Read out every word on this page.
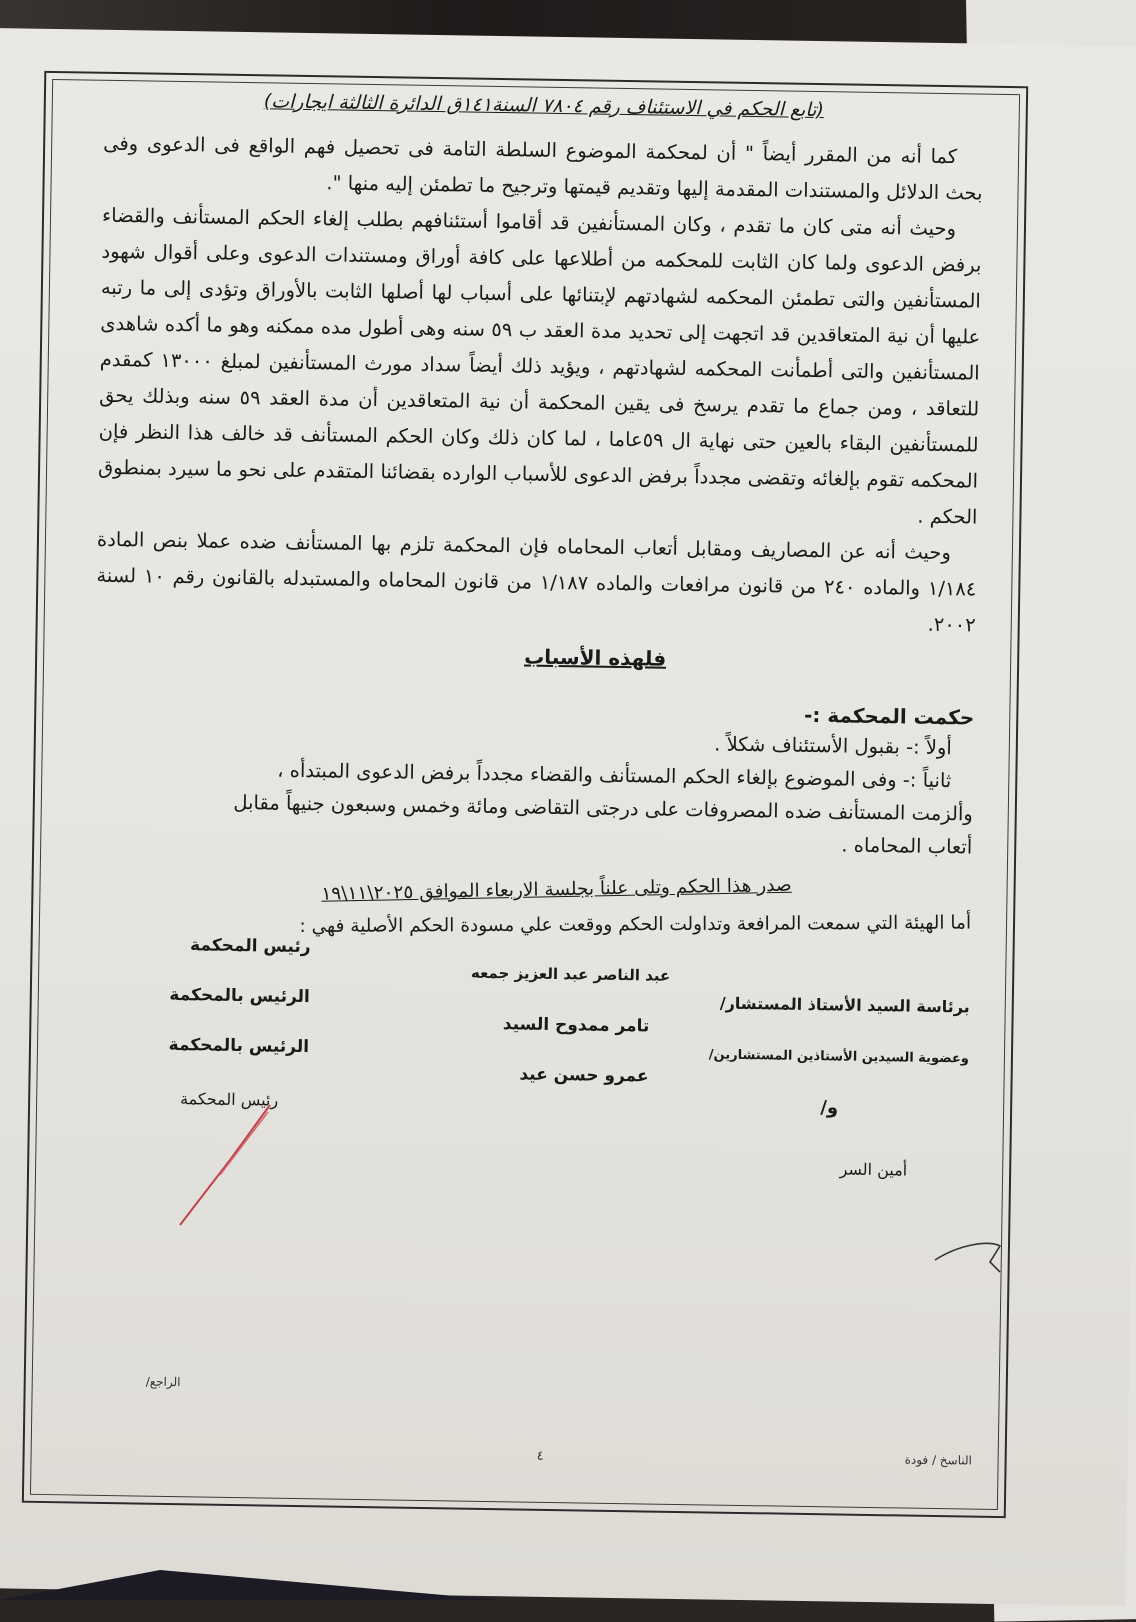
(تابع الحكم في الاستئناف رقم ٧٨٠٤ السنة١٤١ق الدائرة الثالثة ايجارات)

كما أنه من المقرر أيضاً " أن لمحكمة الموضوع السلطة التامة فى تحصيل فهم الواقع فى الدعوى وفى بحث الدلائل والمستندات المقدمة إليها وتقديم قيمتها وترجيح ما تطمئن إليه منها ".

وحيث أنه متى كان ما تقدم ، وكان المستأنفين قد أقاموا أستئنافهم بطلب إلغاء الحكم المستأنف والقضاء برفض الدعوى ولما كان الثابت للمحكمه من أطلاعها على كافة أوراق ومستندات الدعوى وعلى أقوال شهود المستأنفين والتى تطمئن المحكمه لشهادتهم لإبتنائها على أسباب لها أصلها الثابت بالأوراق وتؤدى إلى ما رتبه عليها أن نية المتعاقدين قد اتجهت إلى تحديد مدة العقد ب ٥٩ سنه وهى أطول مده ممكنه وهو ما أكده شاهدى المستأنفين والتى أطمأنت المحكمه لشهادتهم ، ويؤيد ذلك أيضاً سداد مورث المستأنفين لمبلغ ١٣٠٠٠ كمقدم للتعاقد ، ومن جماع ما تقدم يرسخ فى يقين المحكمة أن نية المتعاقدين أن مدة العقد ٥٩ سنه وبذلك يحق للمستأنفين البقاء بالعين حتى نهاية ال ٥٩عاما ، لما كان ذلك وكان الحكم المستأنف قد خالف هذا النظر فإن المحكمه تقوم بإلغائه وتقضى مجدداً برفض الدعوى للأسباب الوارده بقضائنا المتقدم على نحو ما سيرد بمنطوق الحكم .

وحيث أنه عن المصاريف ومقابل أتعاب المحاماه فإن المحكمة تلزم بها المستأنف ضده عملا بنص المادة ١/١٨٤ والماده ٢٤٠ من قانون مرافعات والماده ١/١٨٧ من قانون المحاماه والمستبدله بالقانون رقم ١٠ لسنة ٢٠٠٢.

فلهذه الأسباب
حكمت المحكمة :-

أولاً :- بقبول الأستئناف شكلاً .

ثانياً :- وفى الموضوع بإلغاء الحكم المستأنف والقضاء مجدداً برفض الدعوى المبتدأه ،

وألزمت المستأنف ضده المصروفات على درجتى التقاضى ومائة وخمس وسبعون جنيهاً مقابل

أتعاب المحاماه .

صدر هذا الحكم وتلى علناً بجلسة الاربعاء الموافق ٢٠٢٥\١١\١٩
أما الهيئة التي سمعت المرافعة وتداولت الحكم ووقعت علي مسودة الحكم الأصلية فهي :
رئيس المحكمة
عبد الناصر عبد العزيز جمعه
برئاسة السيد الأستاذ المستشار/
الرئيس بالمحكمة
تامر ممدوح السيد
وعضوية السيدين الأستاذين المستشارين/
الرئيس بالمحكمة
عمرو حسن عيد
رئيس المحكمة	و/
أمين السر
الراجع/
٤	الناسخ / فودة
